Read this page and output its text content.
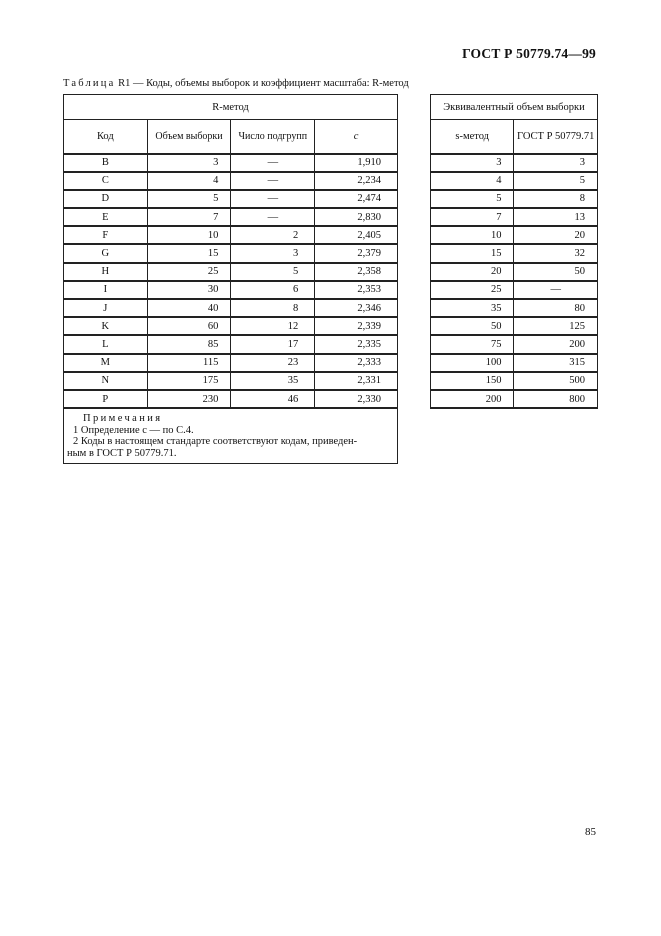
ГОСТ Р 50779.74—99
Таблица R1 — Коды, объемы выборок и коэффициент масштаба: R-метод
R-метод			
Код	Объем выборки	Число подгрупп	c
B	3	—	1,910
C	4	—	2,234
D	5	—	2,474
E	7	—	2,830
F	10	2	2,405
G	15	3	2,379
H	25	5	2,358
I	30	6	2,353
J	40	8	2,346
K	60	12	2,339
L	85	17	2,335
M	115	23	2,333
N	175	35	2,331
P	230	46	2,330

Примечания
1 Определение c — по С.4.
2 Коды в настоящем стандарте соответствуют кодам, приведен-
ным в ГОСТ Р 50779.71.			
Эквивалентный объем выборки	
s-метод	ГОСТ Р 50779.71
3	3
4	5
5	8
7	13
10	20
15	32
20	50
25	—
35	80
50	125
75	200
100	315
150	500
200	800
85
